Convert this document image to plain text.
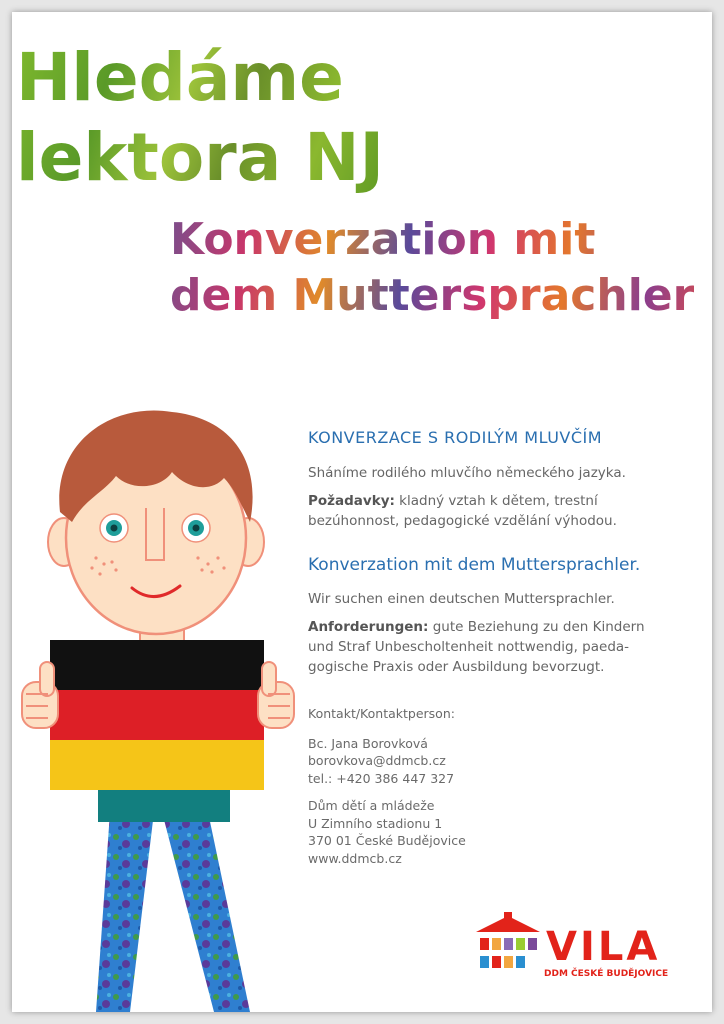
Hledáme
lektora NJ
Konverzation mit
dem Muttersprachler

KONVERZACE S RODILÝM MLUVČÍM

Sháníme rodilého mluvčího německého jazyka.

Požadavky: kladný vztah k dětem, trestní
bezúhonnost, pedagogické vzdělání výhodou.

Konverzation mit dem Muttersprachler.

Wir suchen einen deutschen Muttersprachler.

Anforderungen: gute Beziehung zu den Kindern
und Straf Unbescholtenheit nottwendig, paeda-
gogische Praxis oder Ausbildung bevorzugt.

Kontakt/Kontaktperson:

Bc. Jana Borovková
borovkova@ddmcb.cz
tel.: +420 386 447 327

Dům dětí a mládeže
U Zimního stadionu 1
370 01 České Budějovice
www.ddmcb.cz

VILA
DDM ČESKÉ BUDĚJOVICE
